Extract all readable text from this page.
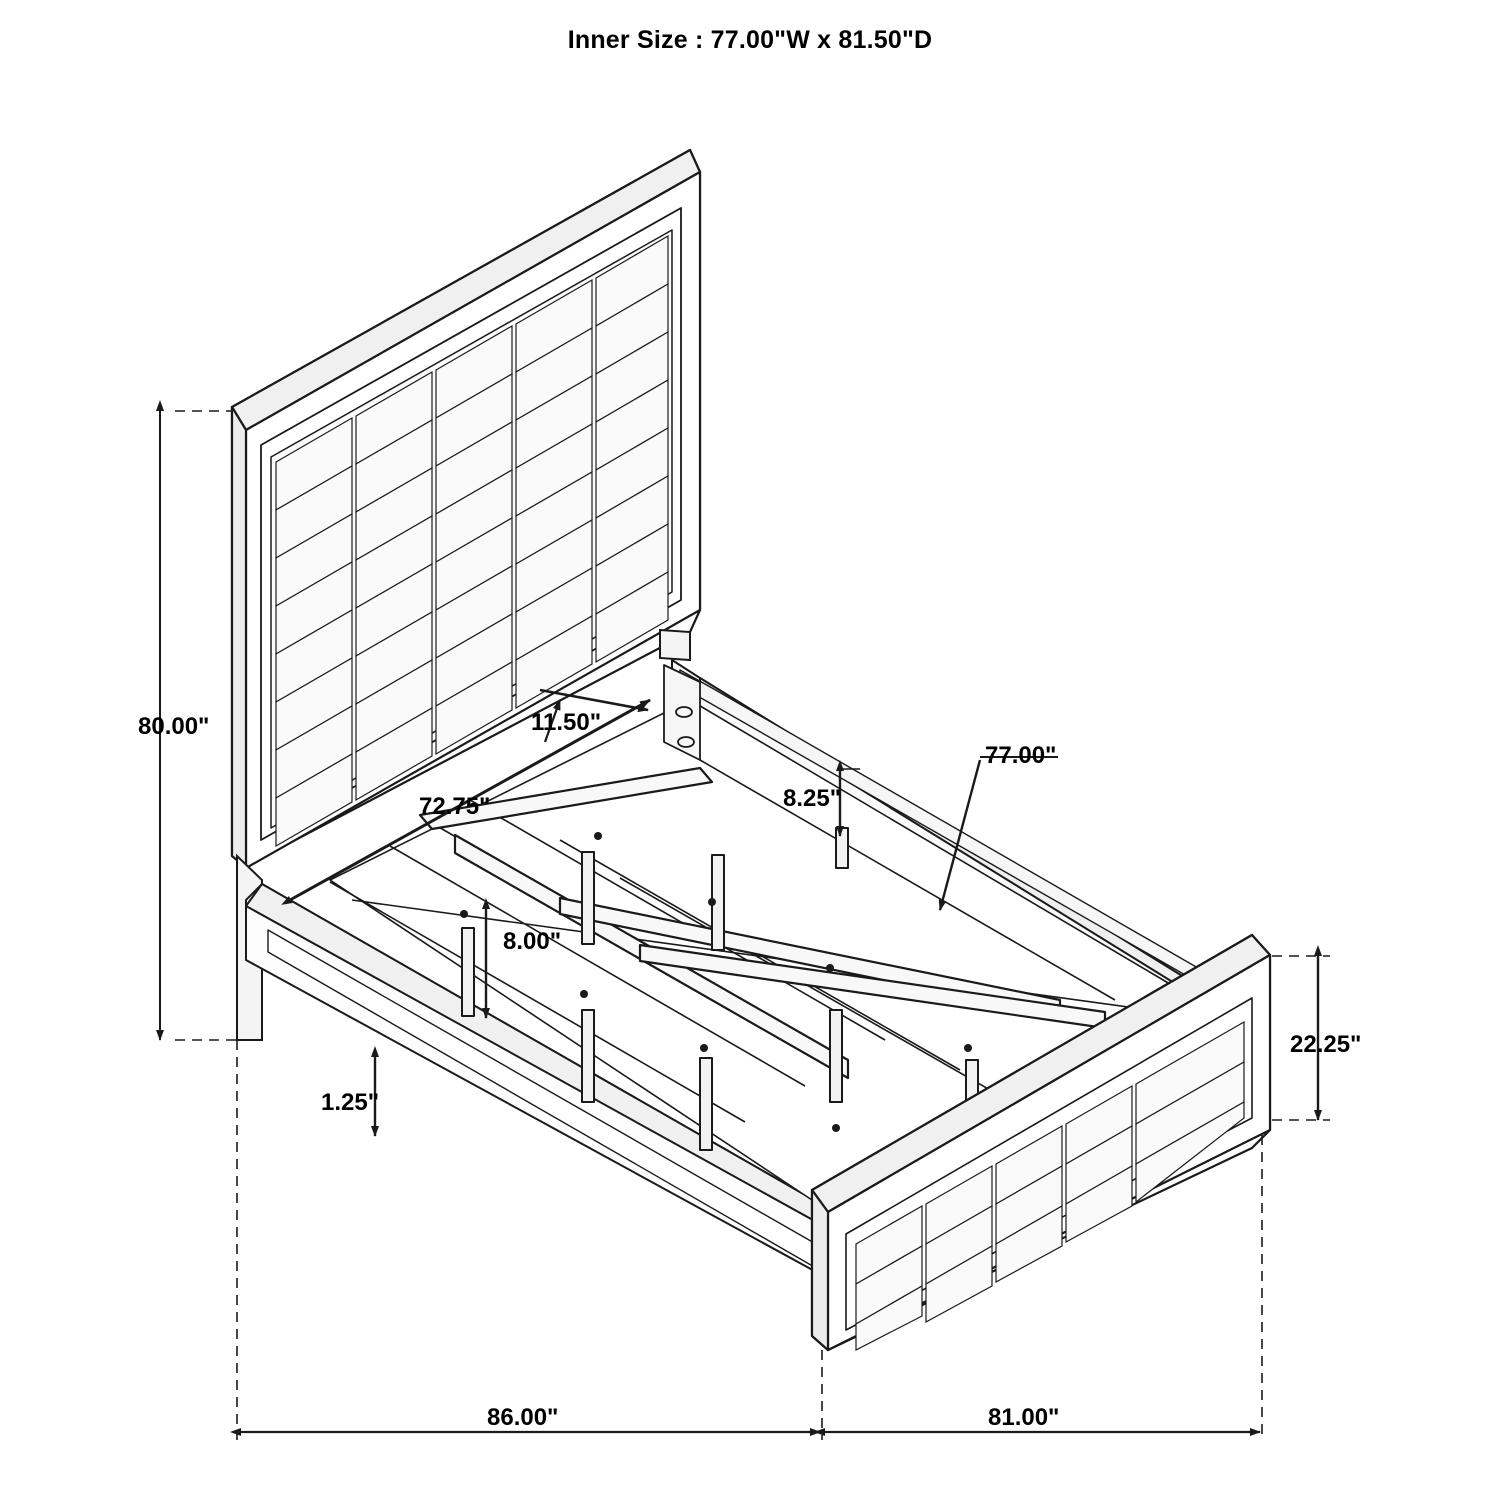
Inner Size : 77.00"W x 81.50"D
80.00"	11.50"
72.75"
77.00"
8.25"
8.00"
1.25"
22.25"
86.00"	81.00"
